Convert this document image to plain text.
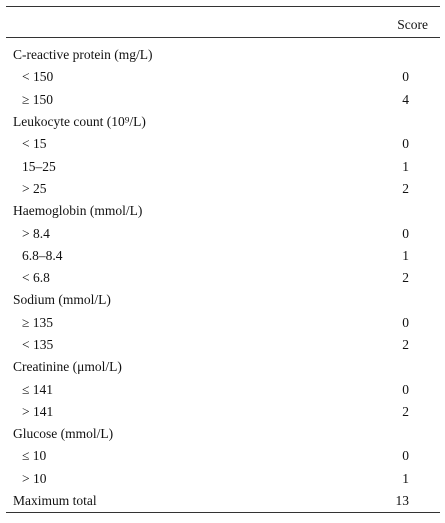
	Score

C-reactive protein (mg/L)	
< 150	0
≥ 150	4
Leukocyte count (10⁹/L)	
< 15	0
15–25	1
> 25	2
Haemoglobin (mmol/L)	
> 8.4	0
6.8–8.4	1
< 6.8	2
Sodium (mmol/L)	
≥ 135	0
< 135	2
Creatinine (μmol/L)	
≤ 141	0
> 141	2
Glucose (mmol/L)	
≤ 10	0
> 10	1
Maximum total	13
